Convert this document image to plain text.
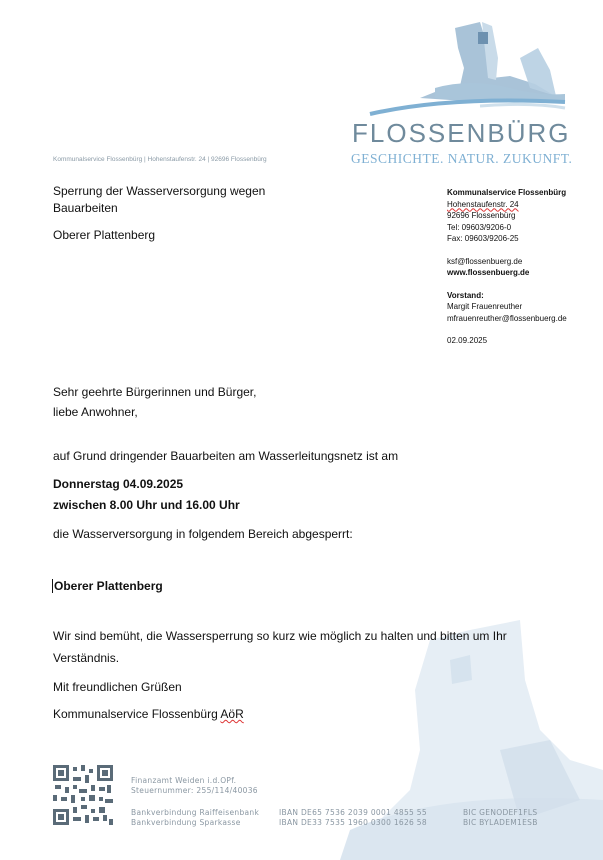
FLOSSENBÜRG
GESCHICHTE. NATUR. ZUKUNFT.
Kommunalservice Flossenbürg | Hohenstaufenstr. 24 | 92696 Flossenbürg
Sperrung der Wasserversorgung wegen
Bauarbeiten
Oberer Plattenberg
Kommunalservice Flossenbürg
Hohenstaufenstr. 24
92696 Flossenbürg
Tel: 09603/9206-0
Fax: 09603/9206-25
ksf@flossenbuerg.de
www.flossenbuerg.de
Vorstand:
Margit Frauenreuther
mfrauenreuther@flossenbuerg.de
02.09.2025
Sehr geehrte Bürgerinnen und Bürger,
liebe Anwohner,
auf Grund dringender Bauarbeiten am Wasserleitungsnetz ist am
Donnerstag 04.09.2025
zwischen 8.00 Uhr und 16.00 Uhr
die Wasserversorgung in folgendem Bereich abgesperrt:
Oberer Plattenberg
Wir sind bemüht, die Wassersperrung so kurz wie möglich zu halten und bitten um Ihr
Verständnis.
Mit freundlichen Grüßen
Kommunalservice Flossenbürg AöR
Finanzamt Weiden i.d.OPf.
Steuernummer: 255/114/40036
Bankverbindung Raiffeisenbank
Bankverbindung Sparkasse
IBAN DE65 7536 2039 0001 4855 55
IBAN DE33 7535 1960 0300 1626 58
BIC GENODEF1FLS
BIC BYLADEM1ESB
